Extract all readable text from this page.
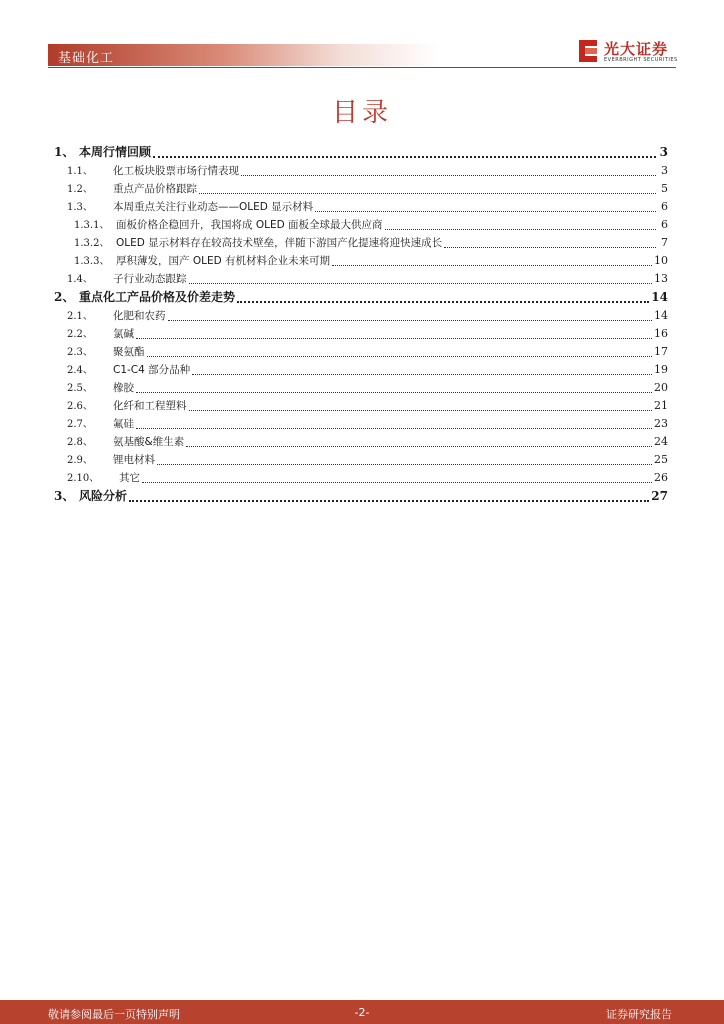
基础化工
光大证券
EVERBRIGHT SECURITIES
目录
1、 本周行情回顾	3
1.1、	化工板块股票市场行情表现	3
1.2、	重点产品价格跟踪	5
1.3、	本周重点关注行业动态——OLED 显示材料	6
1.3.1、 面板价格企稳回升，我国将成 OLED 面板全球最大供应商	6
1.3.2、 OLED 显示材料存在较高技术壁垒，伴随下游国产化提速将迎快速成长	7
1.3.3、 厚积薄发，国产 OLED 有机材料企业未来可期	10
1.4、	子行业动态跟踪	13
2、 重点化工产品价格及价差走势	14
2.1、	化肥和农药	14
2.2、	氯碱	16
2.3、	聚氨酯	17
2.4、	C1-C4 部分品种	19
2.5、	橡胶	20
2.6、	化纤和工程塑料	21
2.7、	氟硅	23
2.8、	氨基酸&维生素	24
2.9、	锂电材料	25
2.10、	其它	26
3、 风险分析	27
敬请参阅最后一页特别声明	-2-	证券研究报告
